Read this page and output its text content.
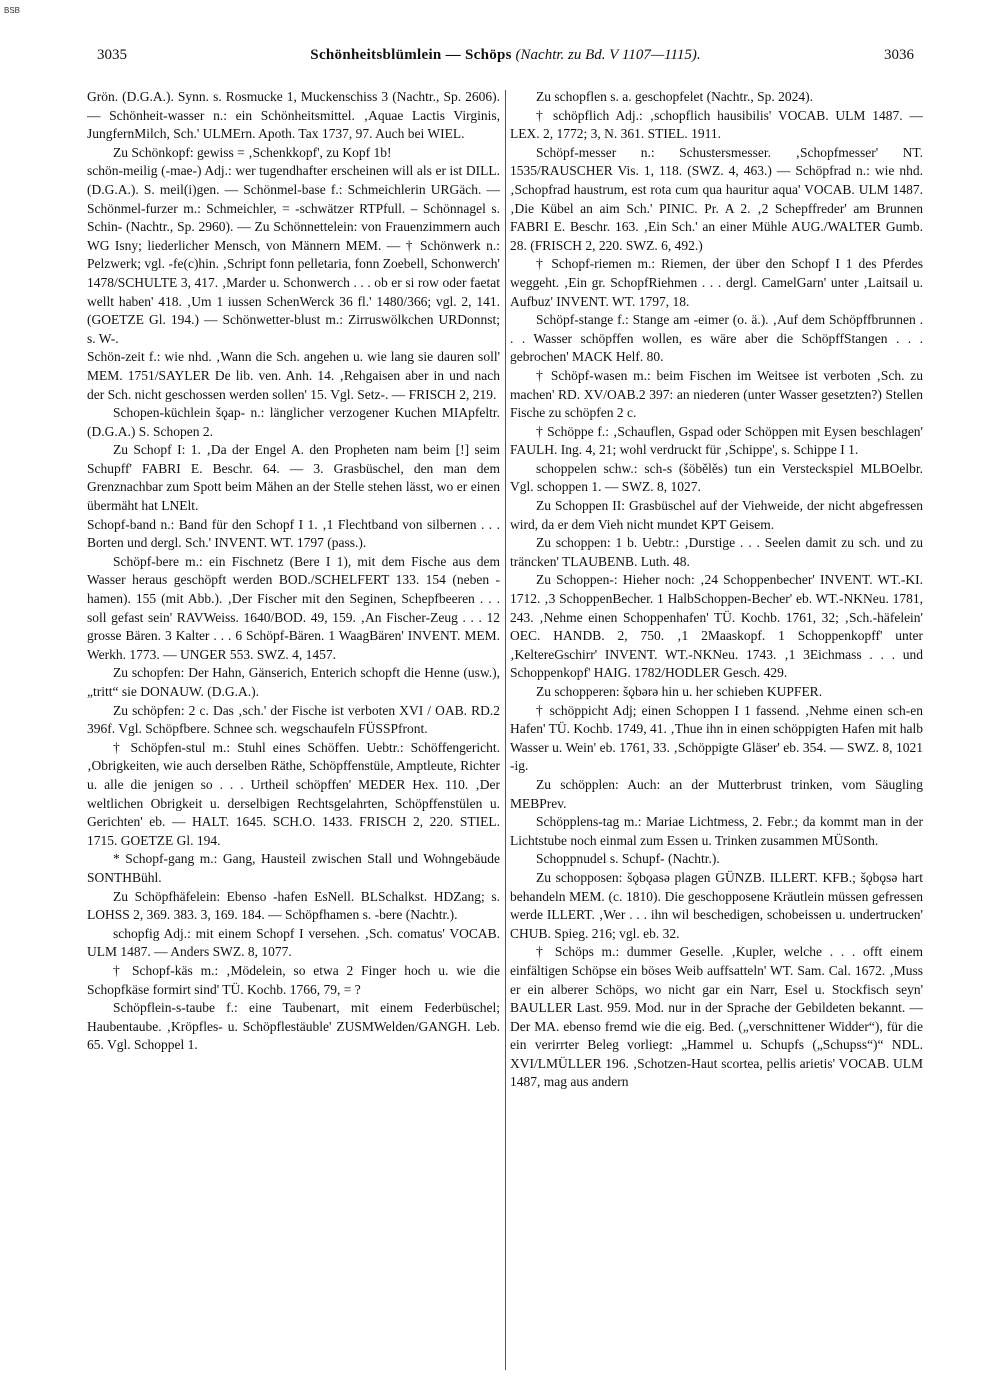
BSB
3035	Schönheitsblümlein — Schöps (Nachtr. zu Bd. V 1107—1115).	3036

Grön. (D.G.A.). Synn. s. Rosmucke 1, Muckenschiss 3 (Nachtr., Sp. 2606). — Schönheit-wasser n.: ein Schönheitsmittel. ‚Aquae Lactis Virginis, JungfernMilch, Sch.' ULMErn. Apoth. Tax 1737, 97. Auch bei WIEL.

Zu Schönkopf: gewiss = ‚Schenkkopf', zu Kopf 1b!

schön-meilig (-mae-) Adj.: wer tugendhafter erscheinen will als er ist DILL. (D.G.A.). S. meil(i)gen. — Schönmel-base f.: Schmeichlerin URGäch. — Schönmel-furzer m.: Schmeichler, = -schwätzer RTPfull. – Schönnagel s. Schin- (Nachtr., Sp. 2960). — Zu Schönnettelein: von Frauenzimmern auch WG Isny; liederlicher Mensch, von Männern MEM. — † Schönwerk n.: Pelzwerk; vgl. -fe(c)hin. ‚Schript fonn pelletaria, fonn Zoebell, Schonwerch' 1478/SCHULTE 3, 417. ‚Marder u. Schonwerch . . . ob er si row oder faetat wellt haben' 418. ‚Um 1 iussen SchenWerck 36 fl.' 1480/366; vgl. 2, 141. (GOETZE Gl. 194.) — Schönwetter-blust m.: Zirruswölkchen URDonnst; s. W-.

Schön-zeit f.: wie nhd. ‚Wann die Sch. angehen u. wie lang sie dauren soll' MEM. 1751/SAYLER De lib. ven. Anh. 14. ‚Rehgaisen aber in und nach der Sch. nicht geschossen werden sollen' 15. Vgl. Setz-. — FRISCH 2, 219.

Schopen-küchlein šǫap- n.: länglicher verzogener Kuchen MIApfeltr. (D.G.A.) S. Schopen 2.

Zu Schopf I: 1. ‚Da der Engel A. den Propheten nam beim [!] seim Schupff' FABRI E. Beschr. 64. — 3. Grasbüschel, den man dem Grenznachbar zum Spott beim Mähen an der Stelle stehen lässt, wo er einen übermäht hat LNElt.

Schopf-band n.: Band für den Schopf I 1. ‚1 Flechtband von silbernen . . . Borten und dergl. Sch.' INVENT. WT. 1797 (pass.).

Schöpf-bere m.: ein Fischnetz (Bere I 1), mit dem Fische aus dem Wasser heraus geschöpft werden BOD./SCHELFERT 133. 154 (neben -hamen). 155 (mit Abb.). ‚Der Fischer mit den Seginen, Schepfbeeren . . . soll gefast sein' RAVWeiss. 1640/BOD. 49, 159. ‚An Fischer-Zeug . . . 12 grosse Bären. 3 Kalter . . . 6 Schöpf-Bären. 1 WaagBären' INVENT. MEM. Werkh. 1773. — UNGER 553. SWZ. 4, 1457.

Zu schopfen: Der Hahn, Gänserich, Enterich schopft die Henne (usw.), „tritt“ sie DONAUW. (D.G.A.).

Zu schöpfen: 2 c. Das ‚sch.' der Fische ist verboten XVI / OAB. RD.2 396f. Vgl. Schöpfbere. Schnee sch. wegschaufeln FÜSSPfront.

† Schöpfen-stul m.: Stuhl eines Schöffen. Uebtr.: Schöffengericht. ‚Obrigkeiten, wie auch derselben Räthe, Schöpffenstüle, Amptleute, Richter u. alle die jenigen so . . . Urtheil schöpffen' MEDER Hex. 110. ‚Der weltlichen Obrigkeit u. derselbigen Rechtsgelahrten, Schöpffenstülen u. Gerichten' eb. — HALT. 1645. SCH.O. 1433. FRISCH 2, 220. STIEL. 1715. GOETZE Gl. 194.

* Schopf-gang m.: Gang, Hausteil zwischen Stall und Wohngebäude SONTHBühl.

Zu Schöpfhäfelein: Ebenso -hafen EsNell. BLSchalkst. HDZang; s. LOHSS 2, 369. 383. 3, 169. 184. — Schöpfhamen s. -bere (Nachtr.).

schopfig Adj.: mit einem Schopf I versehen. ‚Sch. comatus' VOCAB. ULM 1487. — Anders SWZ. 8, 1077.

† Schopf-käs m.: ‚Mödelein, so etwa 2 Finger hoch u. wie die Schopfkäse formirt sind' TÜ. Kochb. 1766, 79, = ?

Schöpflein-s-taube f.: eine Taubenart, mit einem Federbüschel; Haubentaube. ‚Kröpfles- u. Schöpflestäuble' ZUSMWelden/GANGH. Leb. 65. Vgl. Schoppel 1.

Zu schopflen s. a. geschopfelet (Nachtr., Sp. 2024).

† schöpflich Adj.: ‚schopflich hausibilis' VOCAB. ULM 1487. — LEX. 2, 1772; 3, N. 361. STIEL. 1911.

Schöpf-messer n.: Schustersmesser. ‚Schopfmesser' NT. 1535/RAUSCHER Vis. 1, 118. (SWZ. 4, 463.) — Schöpfrad n.: wie nhd. ‚Schopfrad haustrum, est rota cum qua hauritur aqua' VOCAB. ULM 1487. ‚Die Kübel an aim Sch.' PINIC. Pr. A 2. ‚2 Schepffreder' am Brunnen FABRI E. Beschr. 163. ‚Ein Sch.' an einer Mühle AUG./WALTER Gumb. 28. (FRISCH 2, 220. SWZ. 6, 492.)

† Schopf-riemen m.: Riemen, der über den Schopf I 1 des Pferdes weggeht. ‚Ein gr. SchopfRiehmen . . . dergl. CamelGarn' unter ‚Laitsail u. Aufbuz' INVENT. WT. 1797, 18.

Schöpf-stange f.: Stange am -eimer (o. ä.). ‚Auf dem Schöpffbrunnen . . . Wasser schöpffen wollen, es wäre aber die SchöpffStangen . . . gebrochen' MACK Helf. 80.

† Schöpf-wasen m.: beim Fischen im Weitsee ist verboten ‚Sch. zu machen' RD. XV/OAB.2 397: an niederen (unter Wasser gesetzten?) Stellen Fische zu schöpfen 2 c.

† Schöppe f.: ‚Schauflen, Gspad oder Schöppen mit Eysen beschlagen' FAULH. Ing. 4, 21; wohl verdruckt für ‚Schippe', s. Schippe I 1.

schoppelen schw.: sch-s (šöbělěs) tun ein Versteckspiel MLBOelbr. Vgl. schoppen 1. — SWZ. 8, 1027.

Zu Schoppen II: Grasbüschel auf der Viehweide, der nicht abgefressen wird, da er dem Vieh nicht mundet KPT Geisem.

Zu schoppen: 1 b. Uebtr.: ‚Durstige . . . Seelen damit zu sch. und zu träncken' TLAUBENB. Luth. 48.

Zu Schoppen-: Hieher noch: ‚24 Schoppenbecher' INVENT. WT.-KI. 1712. ‚3 SchoppenBecher. 1 HalbSchoppen-Becher' eb. WT.-NKNeu. 1781, 243. ‚Nehme einen Schoppenhafen' TÜ. Kochb. 1761, 32; ‚Sch.-häfelein' OEC. HANDB. 2, 750. ‚1 2Maaskopf. 1 Schoppenkopff' unter ‚KeltereGschirr' INVENT. WT.-NKNeu. 1743. ‚1 3Eichmass . . . und Schoppenkopf' HAIG. 1782/HODLER Gesch. 429.

Zu schopperen: šǫbərə hin u. her schieben KUPFER.

† schöppicht Adj; einen Schoppen I 1 fassend. ‚Nehme einen sch-en Hafen' TÜ. Kochb. 1749, 41. ‚Thue ihn in einen schöppigten Hafen mit halb Wasser u. Wein' eb. 1761, 33. ‚Schöppigte Gläser' eb. 354. — SWZ. 8, 1021 -ig.

Zu schöpplen: Auch: an der Mutterbrust trinken, vom Säugling MEBPrev.

Schöpplens-tag m.: Mariae Lichtmess, 2. Febr.; da kommt man in der Lichtstube noch einmal zum Essen u. Trinken zusammen MÜSonth.

Schoppnudel s. Schupf- (Nachtr.).

Zu schopposen: šǫbǫasə plagen GÜNZB. ILLERT. KFB.; šǫbǫsə hart behandeln MEM. (c. 1810). Die geschopposene Kräutlein müssen gefressen werde ILLERT. ‚Wer . . . ihn wil beschedigen, schobeissen u. undertrucken' CHUB. Spieg. 216; vgl. eb. 32.

† Schöps m.: dummer Geselle. ‚Kupler, welche . . . offt einem einfältigen Schöpse ein böses Weib auffsatteln' WT. Sam. Cal. 1672. ‚Muss er ein alberer Schöps, wo nicht gar ein Narr, Esel u. Stockfisch seyn' BAULLER Last. 959. Mod. nur in der Sprache der Gebildeten bekannt. — Der MA. ebenso fremd wie die eig. Bed. („verschnittener Widder“), für die ein verirrter Beleg vorliegt: „Hammel u. Schupfs („Schupss“)“ NDL. XVI/LMÜLLER 196. ‚Schotzen-Haut scortea, pellis arietis' VOCAB. ULM 1487, mag aus andern
